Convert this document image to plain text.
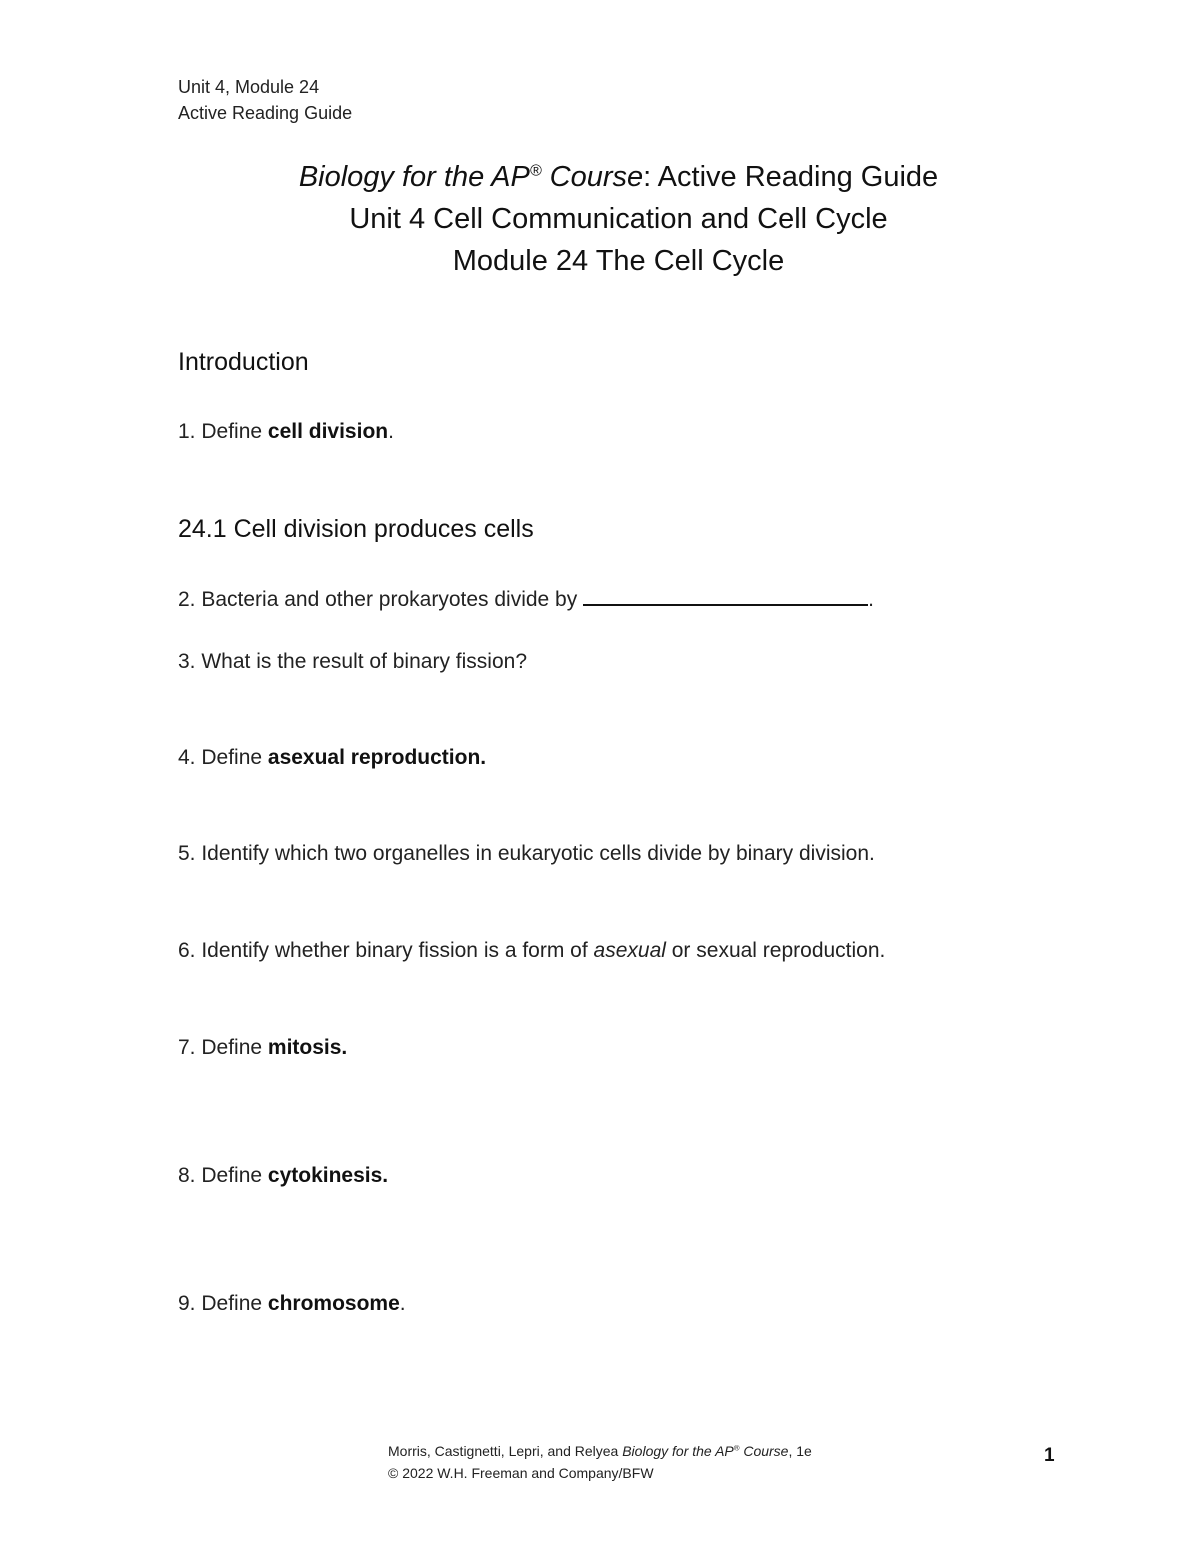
Unit 4, Module 24
Active Reading Guide
Biology for the AP® Course: Active Reading Guide
Unit 4 Cell Communication and Cell Cycle
Module 24 The Cell Cycle
Introduction
1. Define cell division.
24.1 Cell division produces cells
2. Bacteria and other prokaryotes divide by	.
3. What is the result of binary fission?
4. Define asexual reproduction.
5. Identify which two organelles in eukaryotic cells divide by binary division.
6. Identify whether binary fission is a form of asexual or sexual reproduction.
7. Define mitosis.
8. Define cytokinesis.
9. Define chromosome.
Morris, Castignetti, Lepri, and Relyea Biology for the AP® Course, 1e
© 2022 W.H. Freeman and Company/BFW
1
